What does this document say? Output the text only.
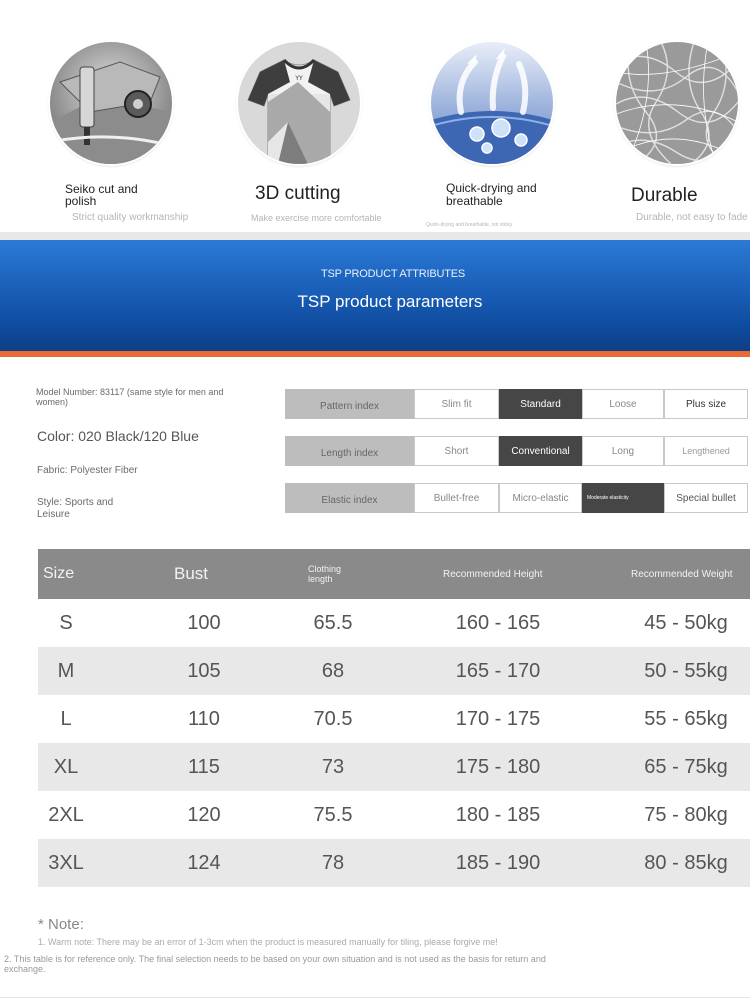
Seiko cut and polish
Strict quality workmanship
YY
3D cutting
Make exercise more comfortable
Quick-drying and breathable
Quick-drying and breathable, not sticky
Durable
Durable, not easy to fade
TSP PRODUCT ATTRIBUTES
TSP product parameters
Model Number: 83117 (same style for men and women)
Color: 020 Black/120 Blue
Fabric: Polyester Fiber
Style: Sports and Leisure
Pattern index	Slim fit	Standard	Loose	Plus size
Length index	Short	Conventional	Long	Lengthened
Elastic index	Bullet-free	Micro-elastic	Moderate elasticity	Special bullet
Size	Bust	Clothing length	Recommended Height	Recommended Weight
S	100	65.5	160 - 165	45 - 50kg
M	105	68	165 - 170	50 - 55kg
L	110	70.5	170 - 175	55 - 65kg
XL	115	73	175 - 180	65 - 75kg
2XL	120	75.5	180 - 185	75 - 80kg
3XL	124	78	185 - 190	80 - 85kg
* Note:
1. Warm note: There may be an error of 1-3cm when the product is measured manually for tiling, please forgive me!
2. This table is for reference only. The final selection needs to be based on your own situation and is not used as the basis for return and exchange.
